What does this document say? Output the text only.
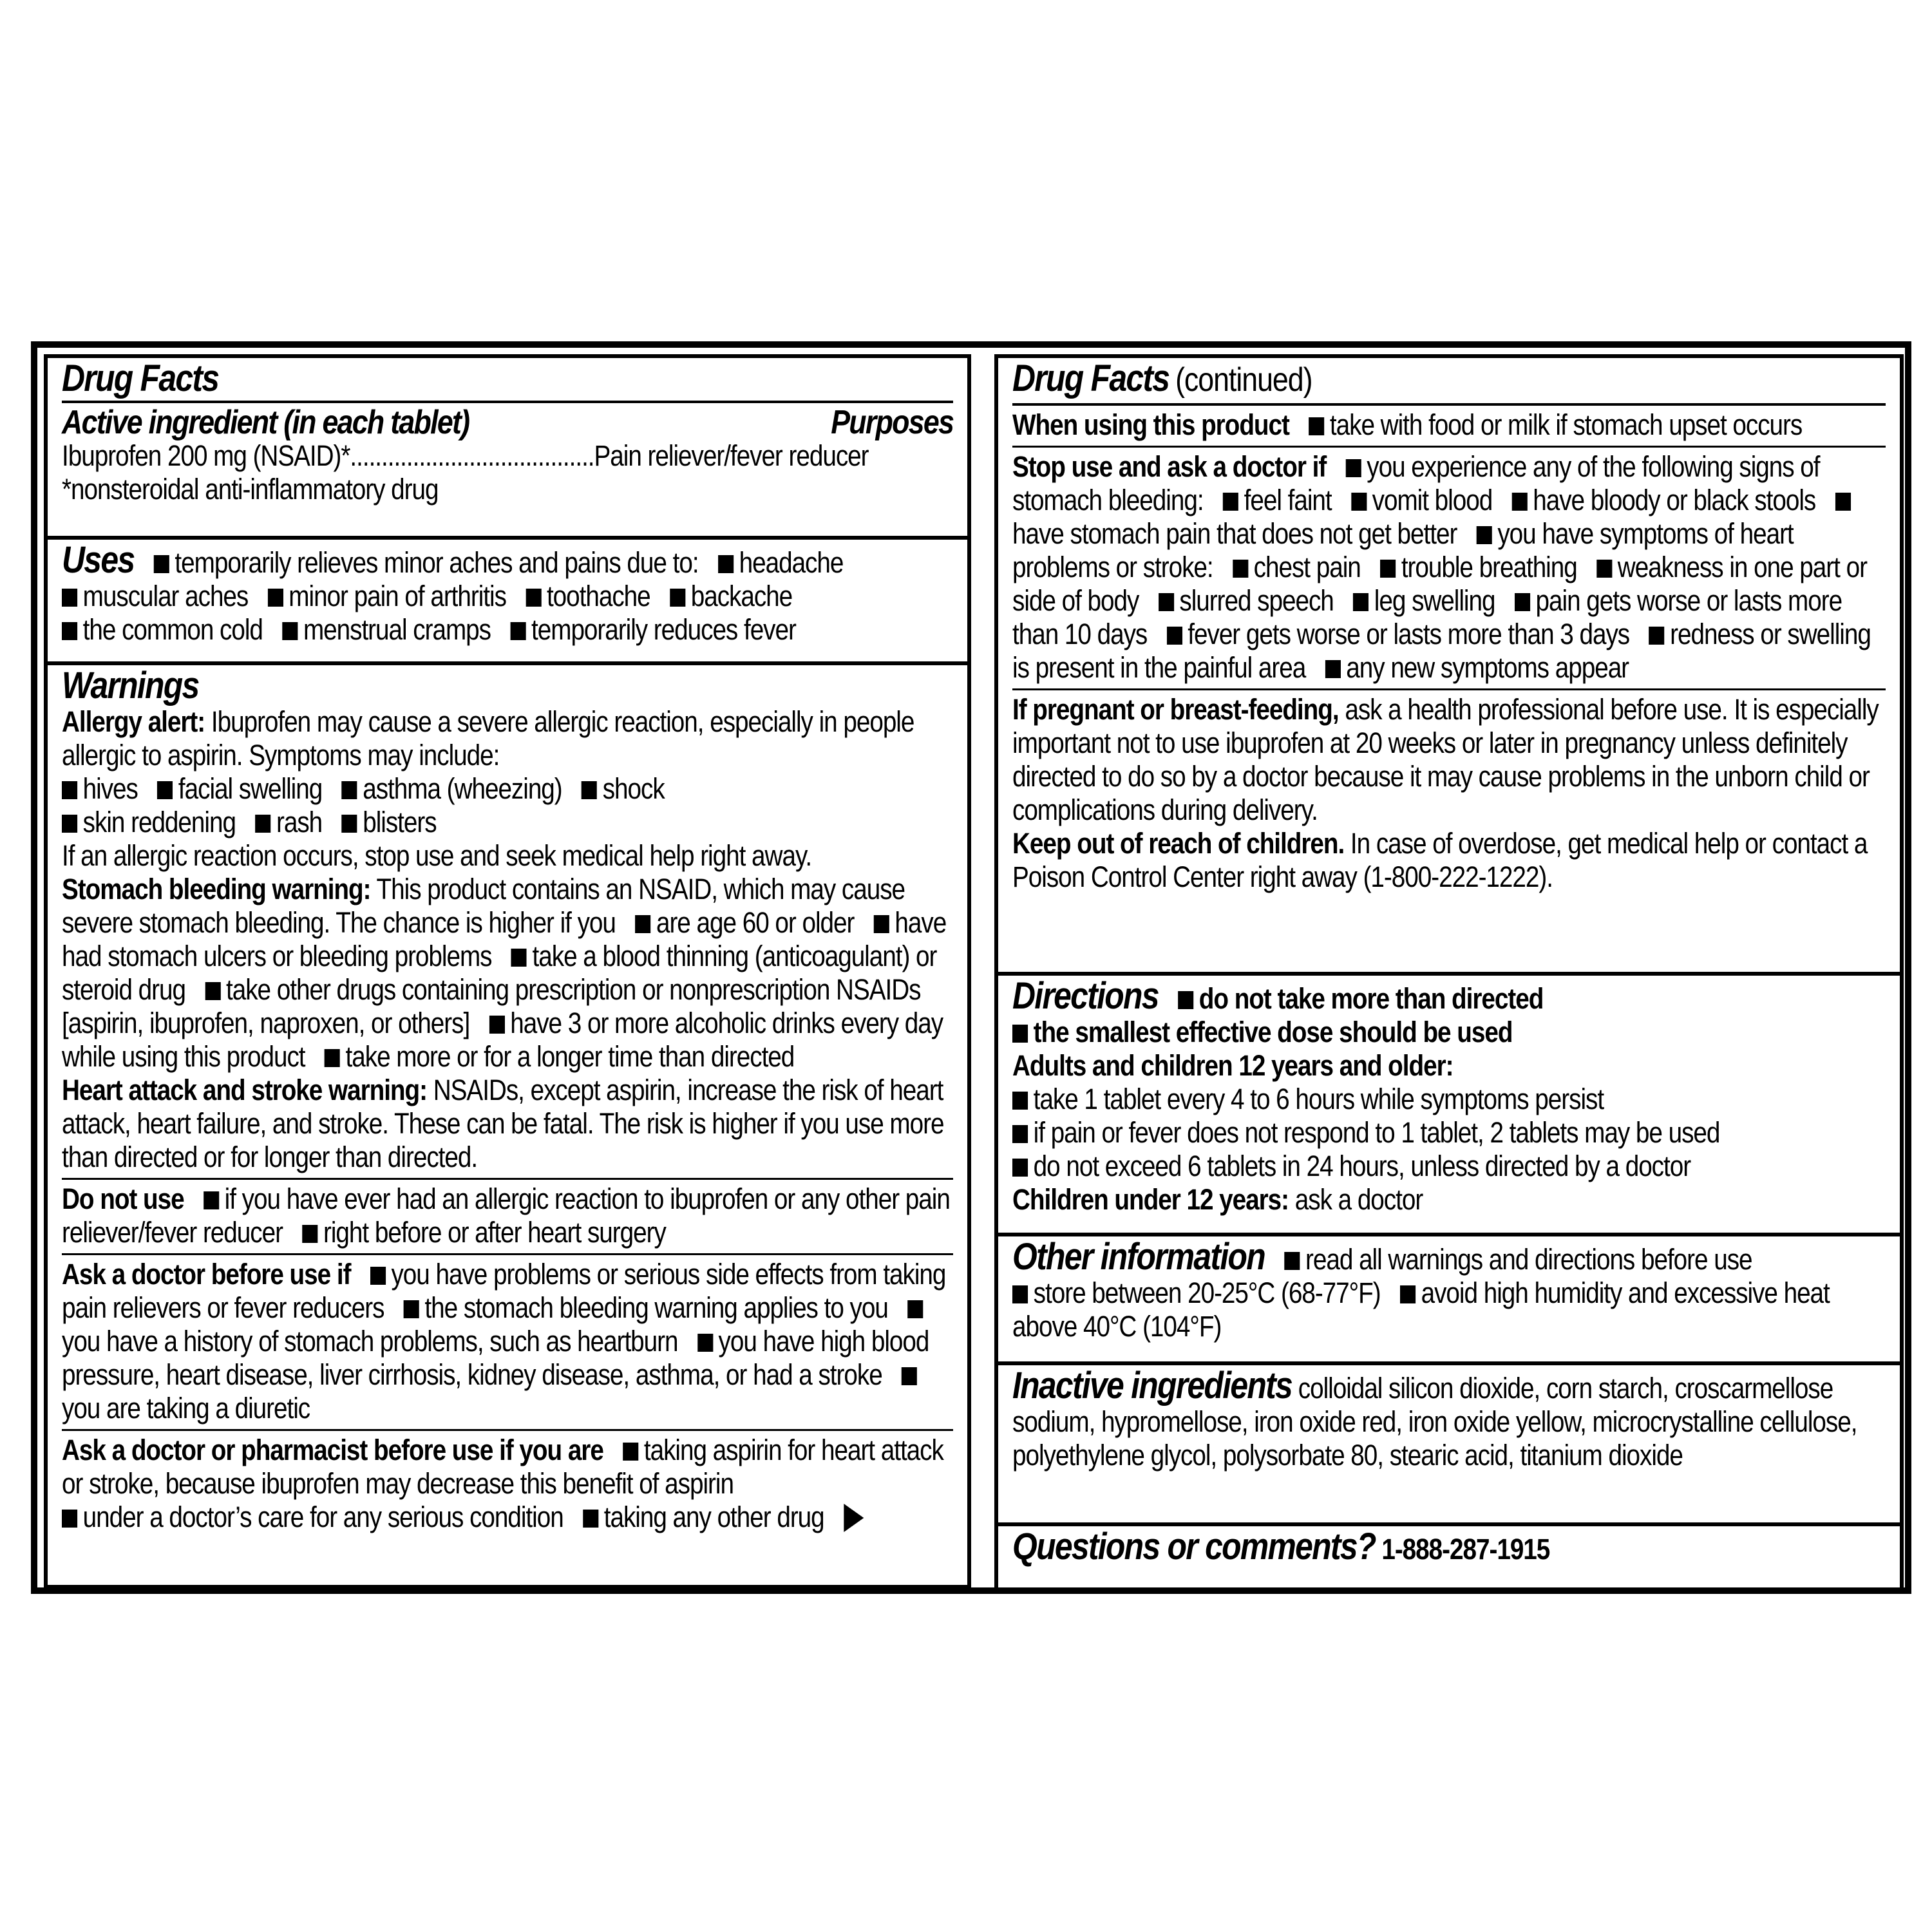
Drug Facts
Active ingredient (in each tablet)	Purposes
Ibuprofen 200 mg (NSAID)*.......................................Pain reliever/fever reducer
*nonsteroidal anti-inflammatory drug
Uses temporarily relieves minor aches and pains due to: headache
muscular aches minor pain of arthritis toothache backache
the common cold menstrual cramps temporarily reduces fever
Warnings
Allergy alert: Ibuprofen may cause a severe allergic reaction, especially in people allergic to aspirin. Symptoms may include:
hives facial swelling asthma (wheezing) shock
skin reddening rash blisters
If an allergic reaction occurs, stop use and seek medical help right away.
Stomach bleeding warning: This product contains an NSAID, which may cause severe stomach bleeding. The chance is higher if you are age 60 or older have had stomach ulcers or bleeding problems take a blood thinning (anticoagulant) or steroid drug take other drugs containing prescription or nonprescription NSAIDs [aspirin, ibuprofen, naproxen, or others] have 3 or more alcoholic drinks every day while using this product take more or for a longer time than directed
Heart attack and stroke warning: NSAIDs, except aspirin, increase the risk of heart attack, heart failure, and stroke. These can be fatal. The risk is higher if you use more than directed or for longer than directed.
Do not use if you have ever had an allergic reaction to ibuprofen or any other pain reliever/fever reducer right before or after heart surgery
Ask a doctor before use if you have problems or serious side effects from taking pain relievers or fever reducers the stomach bleeding warning applies to you you have a history of stomach problems, such as heartburn you have high blood pressure, heart disease, liver cirrhosis, kidney disease, asthma, or had a stroke you are taking a diuretic
Ask a doctor or pharmacist before use if you are taking aspirin for heart attack or stroke, because ibuprofen may decrease this benefit of aspirin
under a doctor’s care for any serious condition taking any other drug
Drug Facts (continued)
When using this product take with food or milk if stomach upset occurs
Stop use and ask a doctor if you experience any of the following signs of stomach bleeding: feel faint vomit blood have bloody or black stools have stomach pain that does not get better you have symptoms of heart problems or stroke: chest pain trouble breathing weakness in one part or side of body slurred speech leg swelling pain gets worse or lasts more than 10 days fever gets worse or lasts more than 3 days redness or swelling is present in the painful area any new symptoms appear
If pregnant or breast-feeding, ask a health professional before use. It is especially important not to use ibuprofen at 20 weeks or later in pregnancy unless definitely directed to do so by a doctor because it may cause problems in the unborn child or complications during delivery.
Keep out of reach of children. In case of overdose, get medical help or contact a Poison Control Center right away (1-800-222-1222).
Directions do not take more than directed
the smallest effective dose should be used
Adults and children 12 years and older:
take 1 tablet every 4 to 6 hours while symptoms persist
if pain or fever does not respond to 1 tablet, 2 tablets may be used
do not exceed 6 tablets in 24 hours, unless directed by a doctor
Children under 12 years: ask a doctor
Other information read all warnings and directions before use
store between 20-25°C (68-77°F) avoid high humidity and excessive heat above 40°C (104°F)
Inactive ingredients colloidal silicon dioxide, corn starch, croscarmellose sodium, hypromellose, iron oxide red, iron oxide yellow, microcrystalline cellulose, polyethylene glycol, polysorbate 80, stearic acid, titanium dioxide
Questions or comments? 1-888-287-1915
